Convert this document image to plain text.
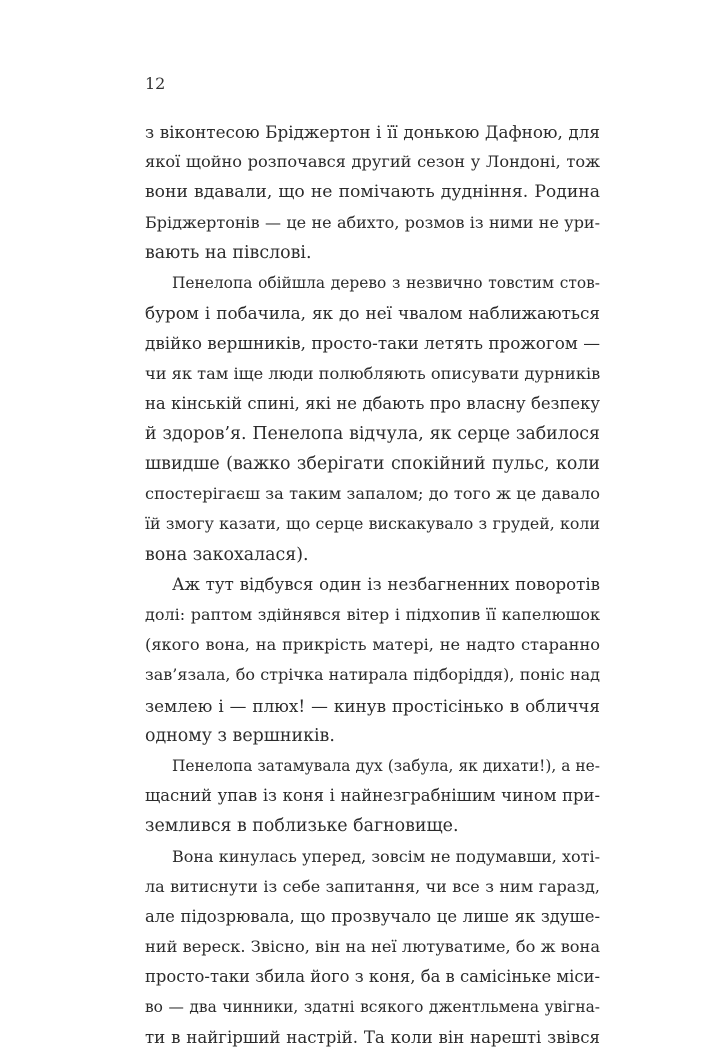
12
з віконтесою Бріджертон і її донькою Дафною, для
якої щойно розпочався другий сезон у Лондоні, тож
вони вдавали, що не помічають дудніння. Родина
Бріджертонів — це не абихто, розмов із ними не ури-
вають на півслові.
Пенелопа обійшла дерево з незвично товстим стов-
буром і побачила, як до неї чвалом наближаються
двійко вершників, просто-таки летять прожогом —
чи як там іще люди полюбляють описувати дурників
на кінській спині, які не дбають про власну безпеку
й здоров’я. Пенелопа відчула, як серце забилося
швидше (важко зберігати спокійний пульс, коли
спостерігаєш за таким запалом; до того ж це давало
їй змогу казати, що серце вискакувало з грудей, коли
вона закохалася).
Аж тут відбувся один із незбагненних поворотів
долі: раптом здійнявся вітер і підхопив її капелюшок
(якого вона, на прикрість матері, не надто старанно
зав’язала, бо стрічка натирала підборіддя), поніс над
землею і — плюх! — кинув простісінько в обличчя
одному з вершників.
Пенелопа затамувала дух (забула, як дихати!), а не-
щасний упав із коня і найнезграбнішим чином при-
землився в поблизьке багновище.
Вона кинулась уперед, зовсім не подумавши, хоті-
ла витиснути із себе запитання, чи все з ним гаразд,
але підозрювала, що прозвучало це лише як здуше-
ний вереск. Звісно, він на неї лютуватиме, бо ж вона
просто-таки збила його з коня, ба в самісіньке міси-
во — два чинники, здатні всякого джентльмена увігна-
ти в найгірший настрій. Та коли він нарешті звівся
